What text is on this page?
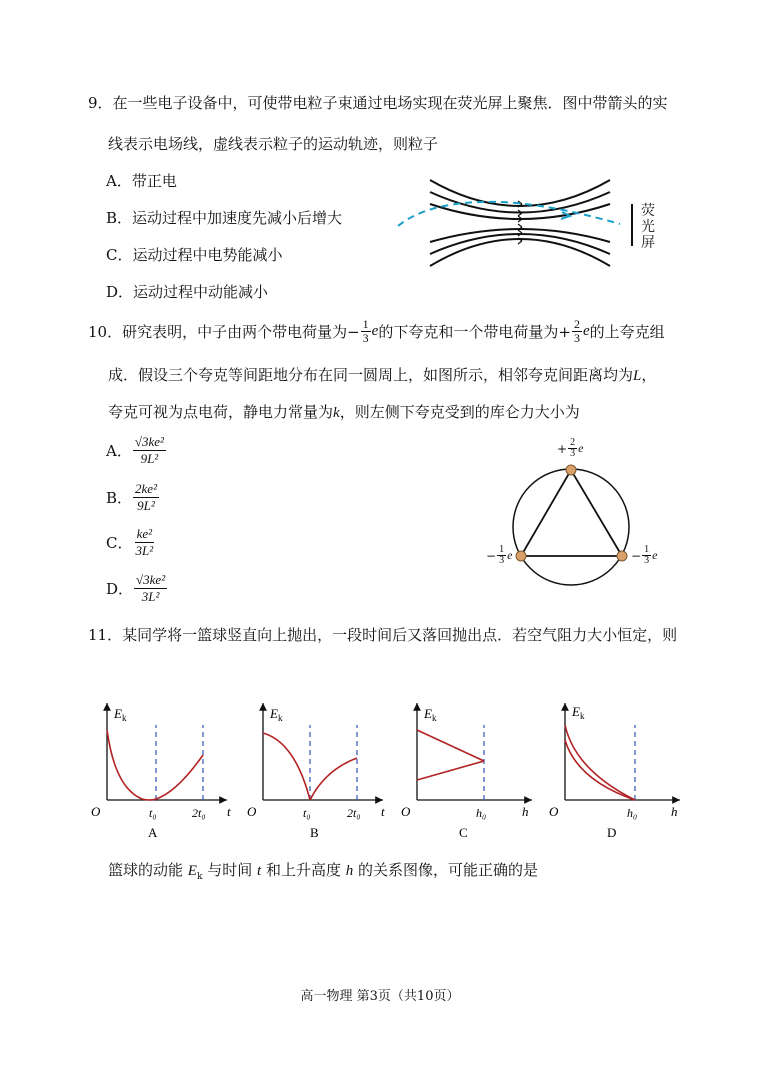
9．在一些电子设备中，可使带电粒子束通过电场实现在荧光屏上聚焦．图中带箭头的实
线表示电场线，虚线表示粒子的运动轨迹，则粒子
A．带正电
B．运动过程中加速度先减小后增大
C．运动过程中电势能减小
D．运动过程中动能减小
荧
光
屏
10．研究表明，中子由两个带电荷量为 − $\frac{1}{3}$ e 的下夸克和一个带电荷量为 + $\frac{2}{3}$ e 的上夸克组
成．假设三个夸克等间距地分布在同一圆周上，如图所示，相邻夸克间距离均为L，
夸克可视为点电荷，静电力常量为k，则左侧下夸克受到的库仑力大小为
A． $\frac{\text{√3ke²}}{\text{9L²}}$
B． $\frac{\text{2ke²}}{\text{9L²}}$
C． $\frac{\text{ke²}}{\text{3L²}}$
D． $\frac{\text{√3ke²}}{\text{3L²}}$
+ $\frac{2}{3}$ e
− $\frac{1}{3}$ e	− $\frac{1}{3}$ e
11．某同学将一篮球竖直向上抛出，一段时间后又落回抛出点．若空气阻力大小恒定，则
E k
O	t₀	2t₀ t
A
E k
O	t₀	2t₀ t
B
E k
O	h₀	h
C
E k
O	h₀	h
D
篮球的动能 $E_k$ 与时间 t 和上升高度 h 的关系图像，可能正确的是
高一物理 第3页（共10页）
